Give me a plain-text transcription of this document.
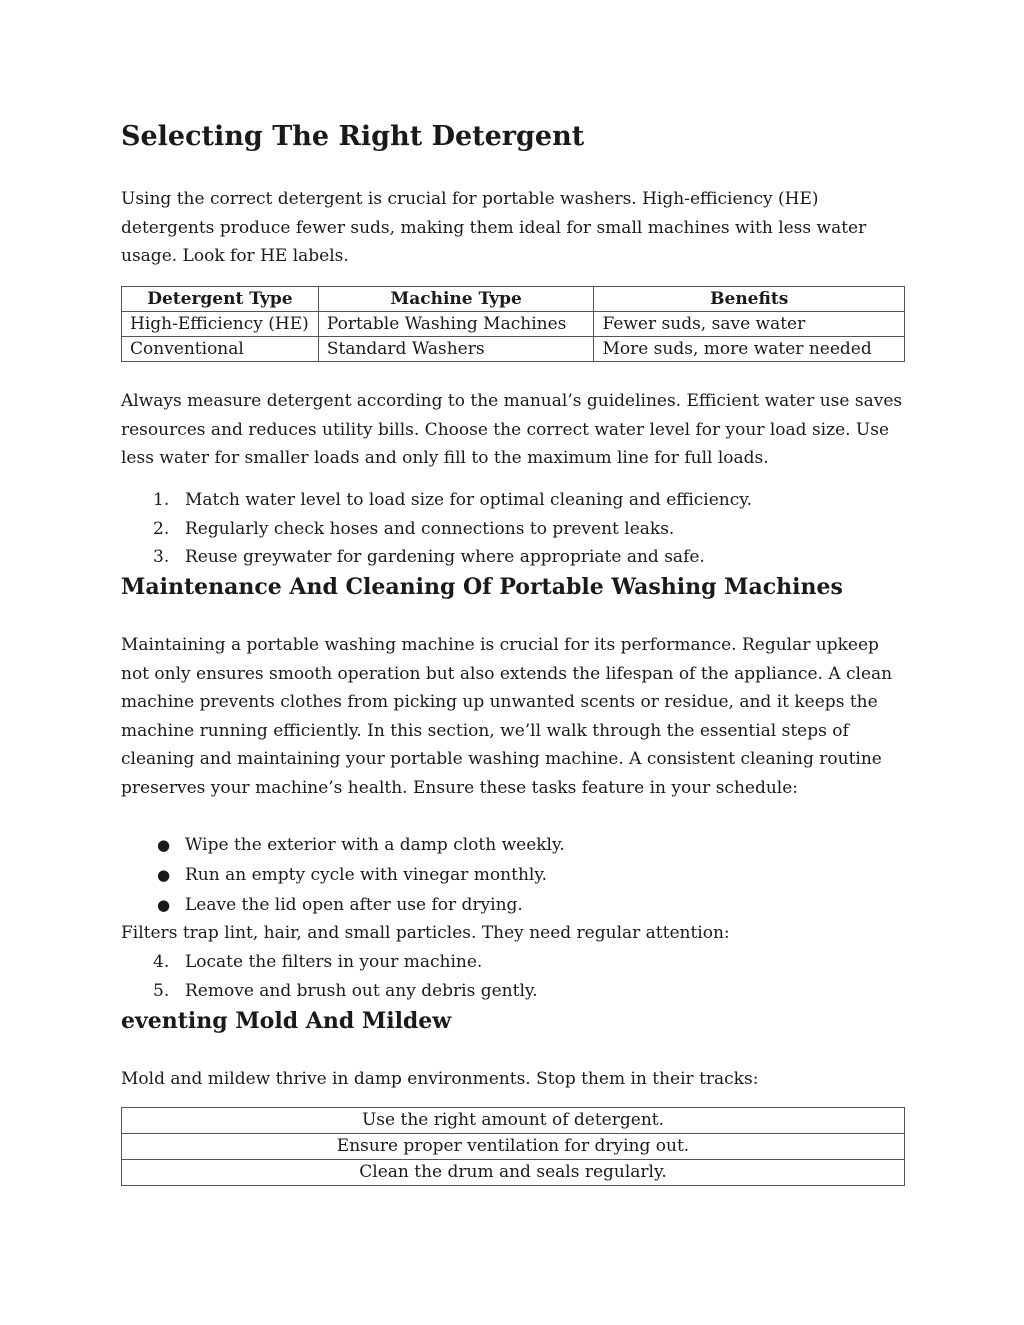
Selecting The Right Detergent

Using the correct detergent is crucial for portable washers. High-efficiency (HE) detergents produce fewer suds, making them ideal for small machines with less water usage. Look for HE labels.

Detergent Type	Machine Type	Benefits
High-Efficiency (HE)	Portable Washing Machines	Fewer suds, save water
Conventional	Standard Washers	More suds, more water needed

Always measure detergent according to the manual’s guidelines. Efficient water use saves resources and reduces utility bills. Choose the correct water level for your load size. Use less water for smaller loads and only fill to the maximum line for full loads.

1. Match water level to load size for optimal cleaning and efficiency.
2. Regularly check hoses and connections to prevent leaks.
3. Reuse greywater for gardening where appropriate and safe.
Maintenance And Cleaning Of Portable Washing Machines

Maintaining a portable washing machine is crucial for its performance. Regular upkeep not only ensures smooth operation but also extends the lifespan of the appliance. A clean machine prevents clothes from picking up unwanted scents or residue, and it keeps the machine running efficiently. In this section, we’ll walk through the essential steps of cleaning and maintaining your portable washing machine. A consistent cleaning routine preserves your machine’s health. Ensure these tasks feature in your schedule:

● Wipe the exterior with a damp cloth weekly.
● Run an empty cycle with vinegar monthly.
● Leave the lid open after use for drying.

Filters trap lint, hair, and small particles. They need regular attention:

4. Locate the filters in your machine.
5. Remove and brush out any debris gently.
eventing Mold And Mildew

Mold and mildew thrive in damp environments. Stop them in their tracks:

Use the right amount of detergent.
Ensure proper ventilation for drying out.
Clean the drum and seals regularly.
